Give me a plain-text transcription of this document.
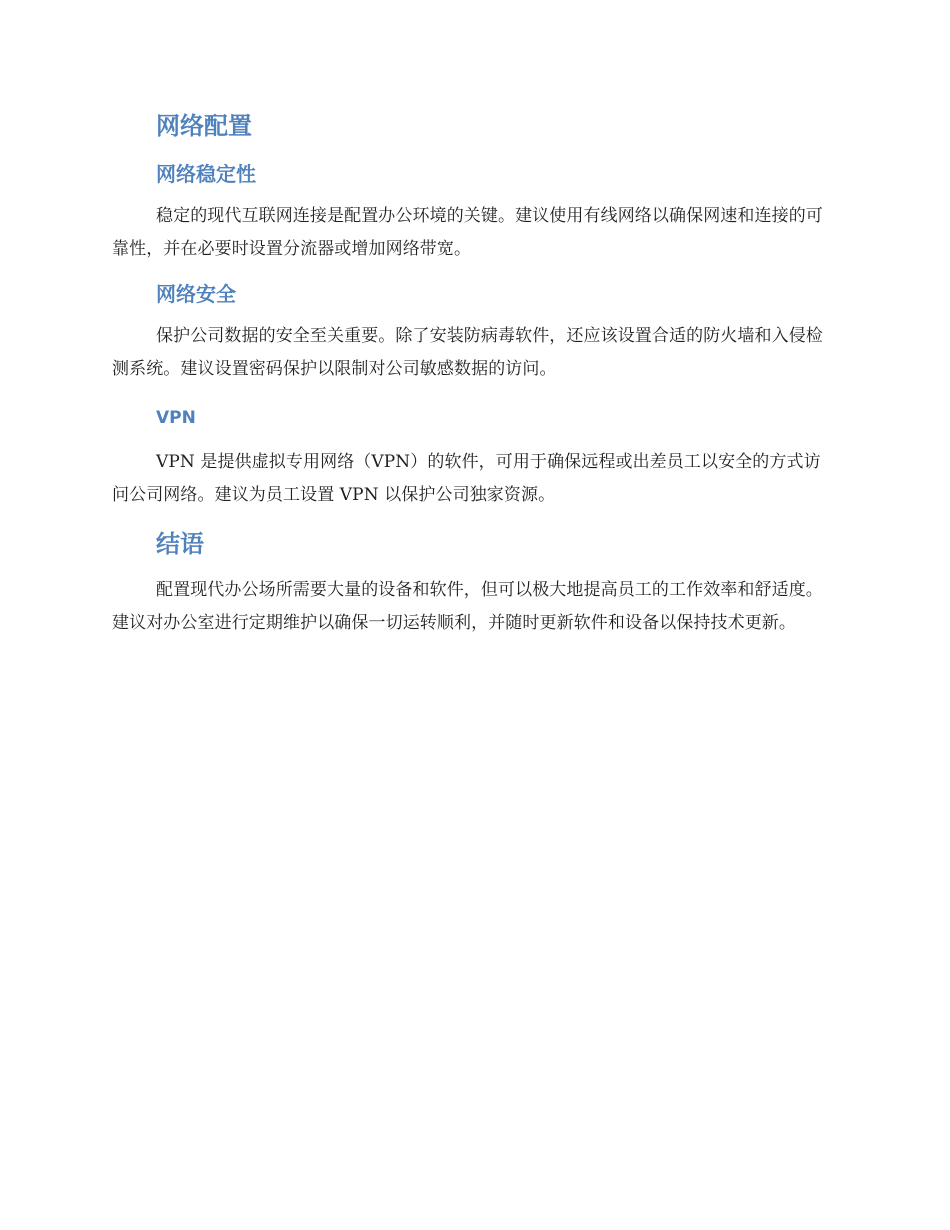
网络配置
网络稳定性

稳定的现代互联网连接是配置办公环境的关键。建议使用有线网络以确保网速和连接的可靠性，并在必要时设置分流器或增加网络带宽。

网络安全

保护公司数据的安全至关重要。除了安装防病毒软件，还应该设置合适的防火墙和入侵检测系统。建议设置密码保护以限制对公司敏感数据的访问。

VPN

VPN 是提供虚拟专用网络（VPN）的软件，可用于确保远程或出差员工以安全的方式访问公司网络。建议为员工设置 VPN 以保护公司独家资源。

结语

配置现代办公场所需要大量的设备和软件，但可以极大地提高员工的工作效率和舒适度。建议对办公室进行定期维护以确保一切运转顺利，并随时更新软件和设备以保持技术更新。
